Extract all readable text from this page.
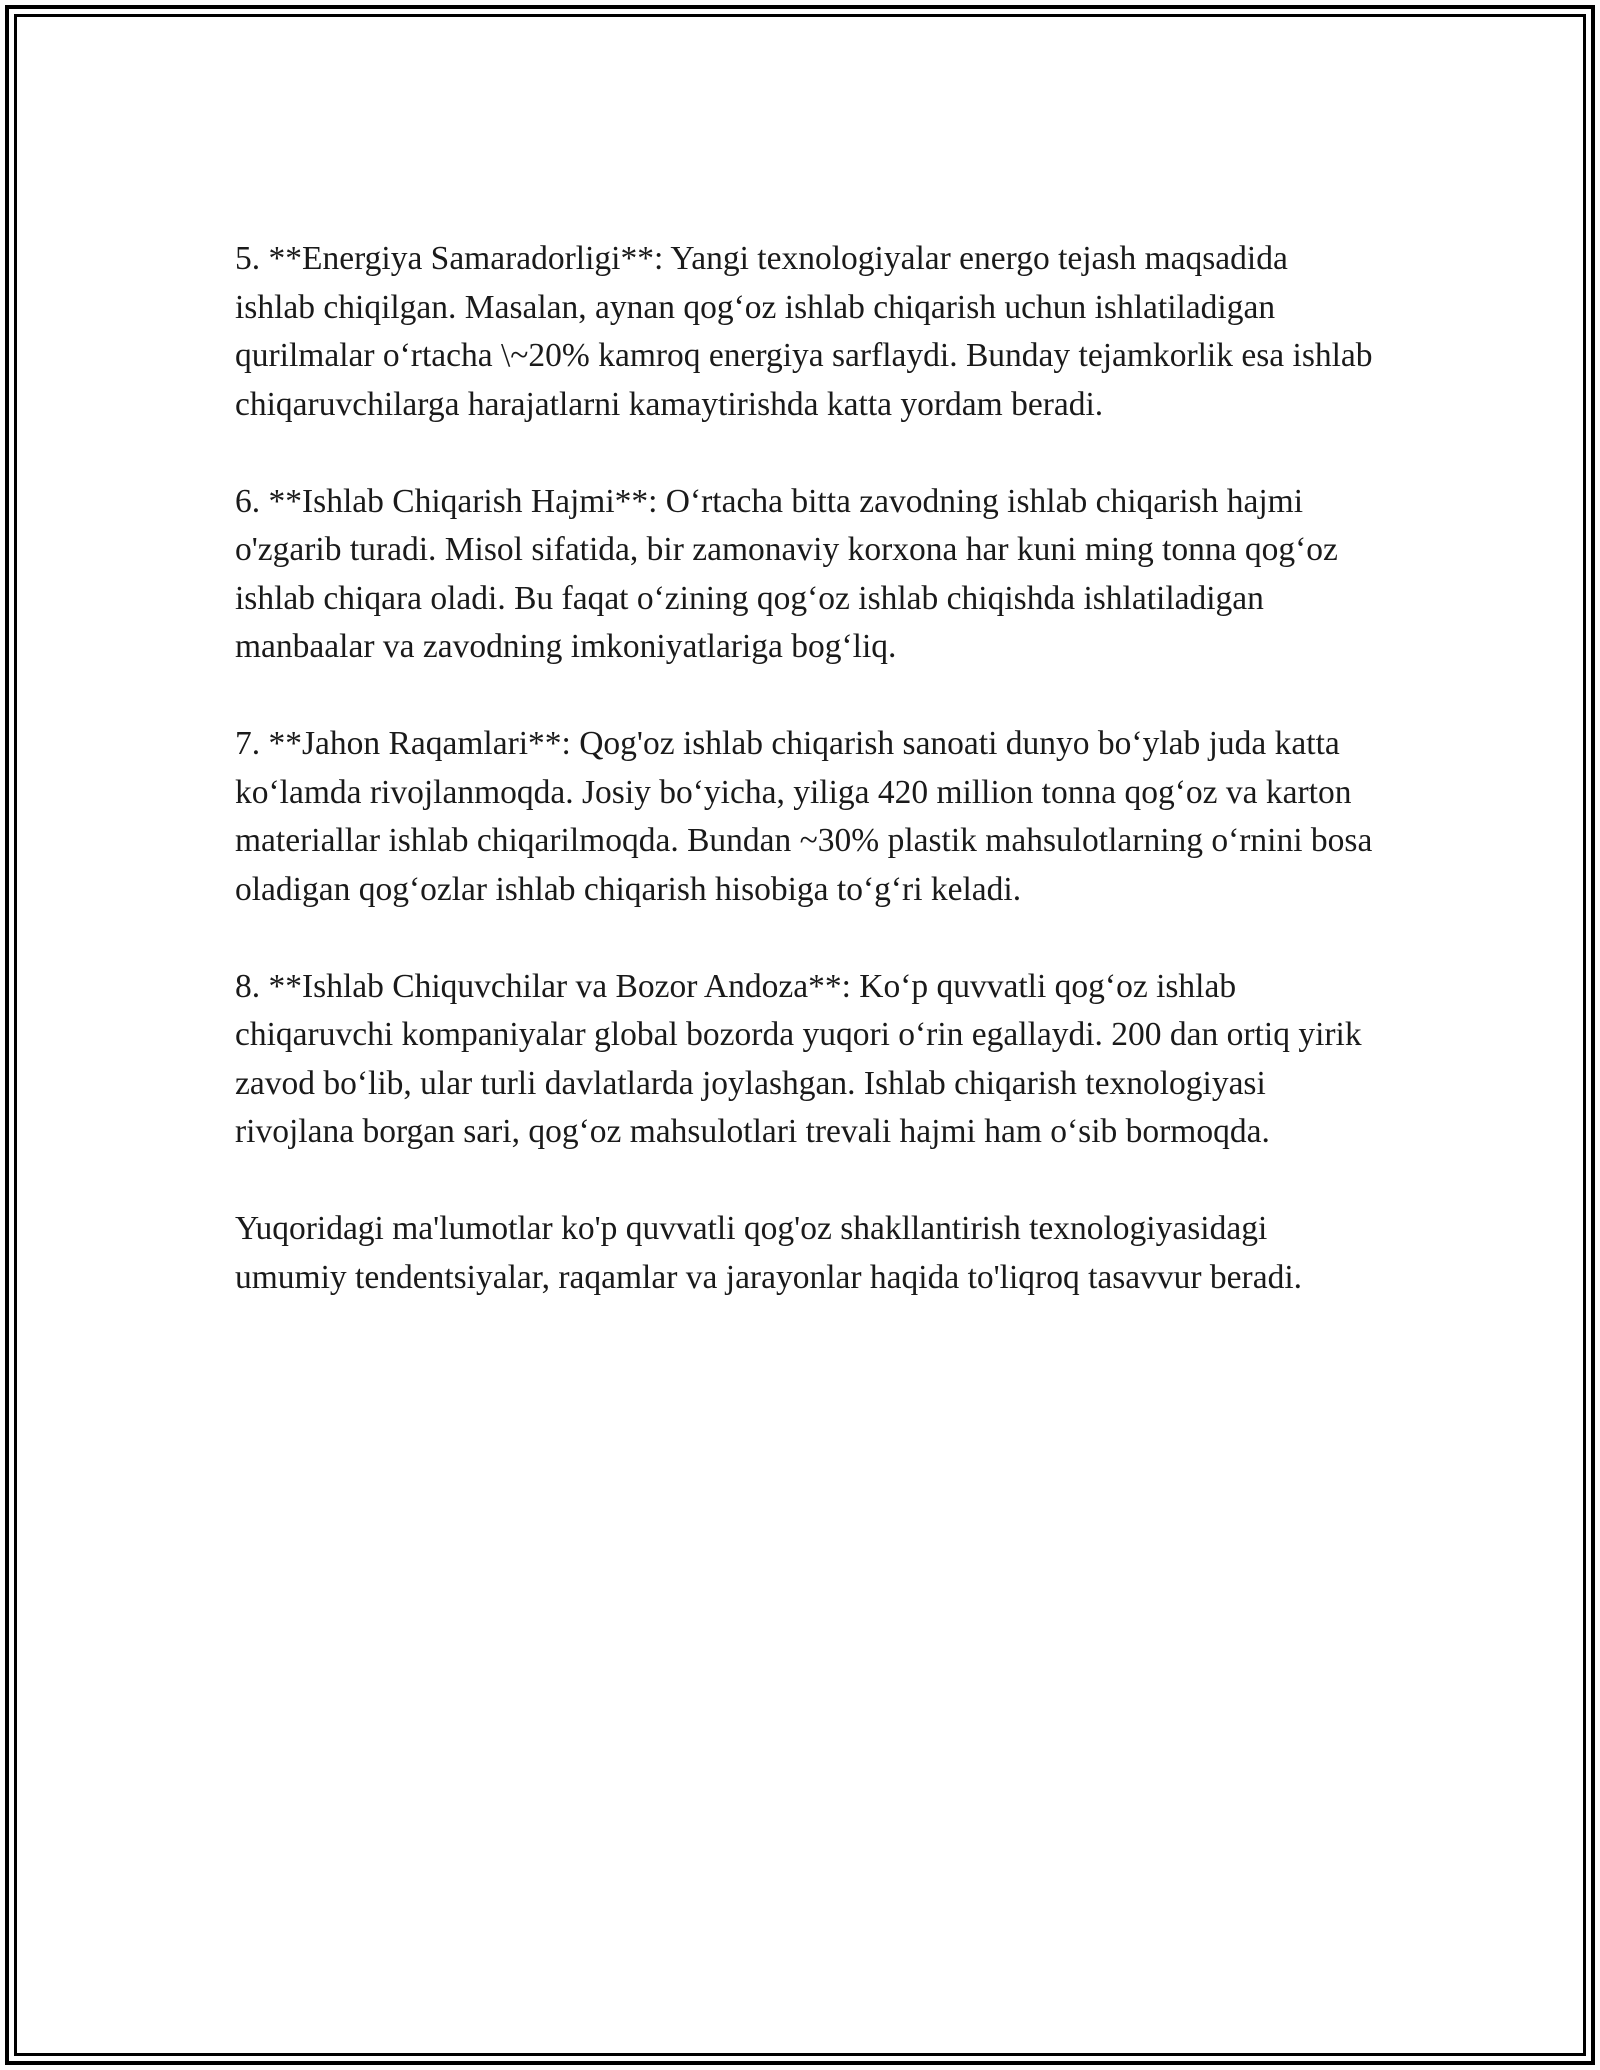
5. **Energiya Samaradorligi**: Yangi texnologiyalar energo tejash maqsadida ishlab chiqilgan. Masalan, aynan qog‘oz ishlab chiqarish uchun ishlatiladigan qurilmalar o‘rtacha \~20% kamroq energiya sarflaydi. Bunday tejamkorlik esa ishlab chiqaruvchilarga harajatlarni kamaytirishda katta yordam beradi.

6. **Ishlab Chiqarish Hajmi**: O‘rtacha bitta zavodning ishlab chiqarish hajmi o'zgarib turadi. Misol sifatida, bir zamonaviy korxona har kuni ming tonna qog‘oz ishlab chiqara oladi. Bu faqat o‘zining qog‘oz ishlab chiqishda ishlatiladigan manbaalar va zavodning imkoniyatlariga bog‘liq.

7. **Jahon Raqamlari**: Qog'oz ishlab chiqarish sanoati dunyo bo‘ylab juda katta ko‘lamda rivojlanmoqda. Josiy bo‘yicha, yiliga 420 million tonna qog‘oz va karton materiallar ishlab chiqarilmoqda. Bundan ~30% plastik mahsulotlarning o‘rnini bosa oladigan qog‘ozlar ishlab chiqarish hisobiga to‘g‘ri keladi.

8. **Ishlab Chiquvchilar va Bozor Andoza**: Ko‘p quvvatli qog‘oz ishlab chiqaruvchi kompaniyalar global bozorda yuqori o‘rin egallaydi. 200 dan ortiq yirik zavod bo‘lib, ular turli davlatlarda joylashgan. Ishlab chiqarish texnologiyasi rivojlana borgan sari, qog‘oz mahsulotlari trevali hajmi ham o‘sib bormoqda.

Yuqoridagi ma'lumotlar ko'p quvvatli qog'oz shakllantirish texnologiyasidagi umumiy tendentsiyalar, raqamlar va jarayonlar haqida to'liqroq tasavvur beradi.
